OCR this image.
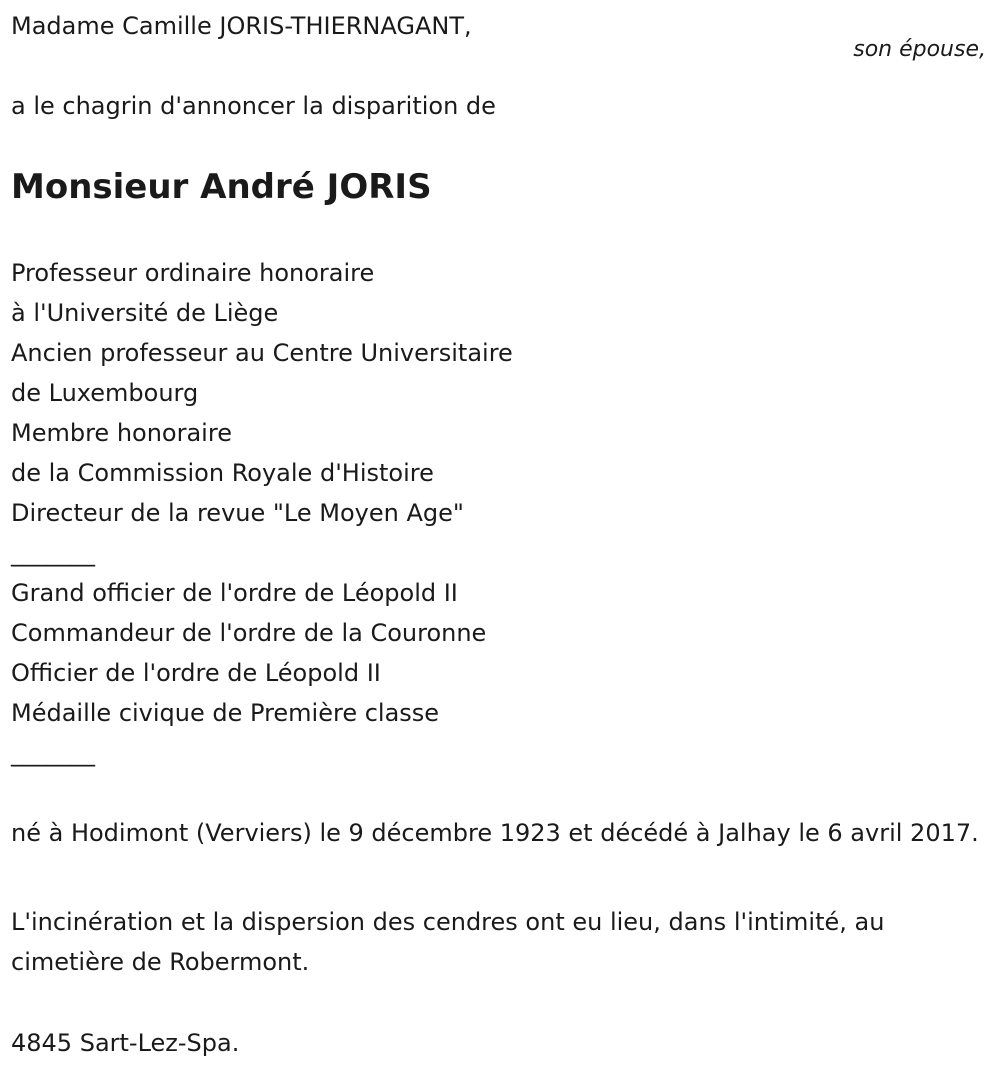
Madame Camille JORIS-THIERNAGANT,
son épouse,
a le chagrin d'annoncer la disparition de
Monsieur André JORIS
Professeur ordinaire honoraire
à l'Université de Liège
Ancien professeur au Centre Universitaire
de Luxembourg
Membre honoraire
de la Commission Royale d'Histoire
Directeur de la revue "Le Moyen Age"
_______
Grand officier de l'ordre de Léopold II
Commandeur de l'ordre de la Couronne
Officier de l'ordre de Léopold II
Médaille civique de Première classe
_______
né à Hodimont (Verviers) le 9 décembre 1923 et décédé à Jalhay le 6 avril 2017.
L'incinération et la dispersion des cendres ont eu lieu, dans l'intimité, au cimetière de Robermont.
4845 Sart-Lez-Spa.
